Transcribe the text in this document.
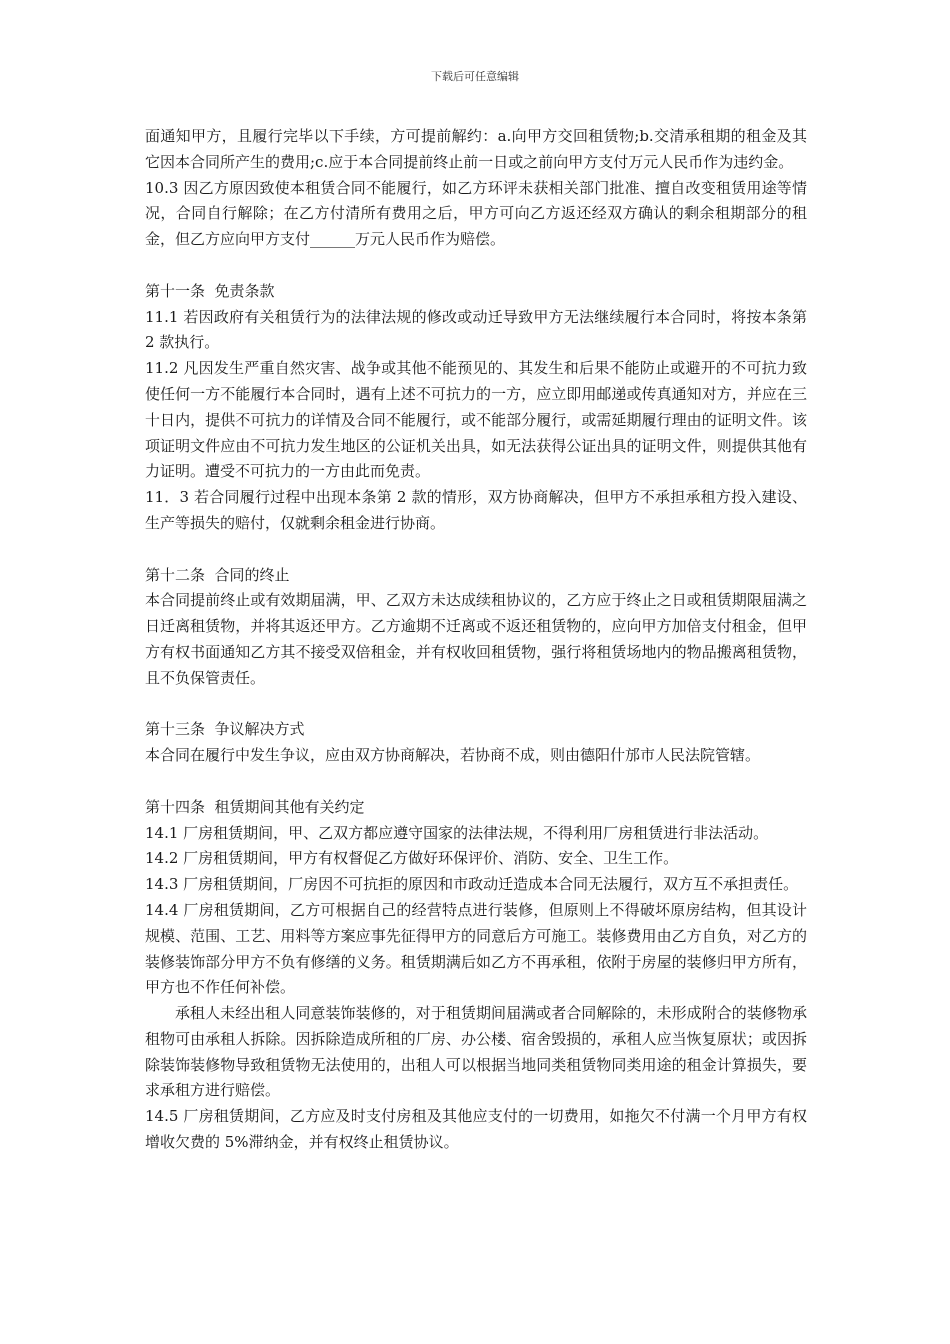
下载后可任意编辑

面通知甲方，且履行完毕以下手续，方可提前解约：a.向甲方交回租赁物;b.交清承租期的租金及其它因本合同所产生的费用;c.应于本合同提前终止前一日或之前向甲方支付万元人民币作为违约金。

10.3 因乙方原因致使本租赁合同不能履行，如乙方环评未获相关部门批准、擅自改变租赁用途等情况，合同自行解除；在乙方付清所有费用之后，甲方可向乙方返还经双方确认的剩余租期部分的租金，但乙方应向甲方支付______万元人民币作为赔偿。

第十一条  免责条款

11.1 若因政府有关租赁行为的法律法规的修改或动迁导致甲方无法继续履行本合同时，将按本条第 2 款执行。

11.2 凡因发生严重自然灾害、战争或其他不能预见的、其发生和后果不能防止或避开的不可抗力致使任何一方不能履行本合同时，遇有上述不可抗力的一方，应立即用邮递或传真通知对方，并应在三十日内，提供不可抗力的详情及合同不能履行，或不能部分履行，或需延期履行理由的证明文件。该项证明文件应由不可抗力发生地区的公证机关出具，如无法获得公证出具的证明文件，则提供其他有力证明。遭受不可抗力的一方由此而免责。

11．3 若合同履行过程中出现本条第 2 款的情形，双方协商解决，但甲方不承担承租方投入建设、生产等损失的赔付，仅就剩余租金进行协商。

第十二条  合同的终止

本合同提前终止或有效期届满，甲、乙双方未达成续租协议的，乙方应于终止之日或租赁期限届满之日迁离租赁物，并将其返还甲方。乙方逾期不迁离或不返还租赁物的，应向甲方加倍支付租金，但甲方有权书面通知乙方其不接受双倍租金，并有权收回租赁物，强行将租赁场地内的物品搬离租赁物，且不负保管责任。

第十三条  争议解决方式

本合同在履行中发生争议，应由双方协商解决，若协商不成，则由德阳什邡市人民法院管辖。

第十四条  租赁期间其他有关约定

14.1 厂房租赁期间，甲、乙双方都应遵守国家的法律法规，不得利用厂房租赁进行非法活动。

14.2 厂房租赁期间，甲方有权督促乙方做好环保评价、消防、安全、卫生工作。

14.3 厂房租赁期间，厂房因不可抗拒的原因和市政动迁造成本合同无法履行，双方互不承担责任。

14.4 厂房租赁期间，乙方可根据自己的经营特点进行装修，但原则上不得破坏原房结构，但其设计规模、范围、工艺、用料等方案应事先征得甲方的同意后方可施工。装修费用由乙方自负，对乙方的装修装饰部分甲方不负有修缮的义务。租赁期满后如乙方不再承租，依附于房屋的装修归甲方所有，甲方也不作任何补偿。

承租人未经出租人同意装饰装修的，对于租赁期间届满或者合同解除的，未形成附合的装修物承租物可由承租人拆除。因拆除造成所租的厂房、办公楼、宿舍毁损的，承租人应当恢复原状；或因拆除装饰装修物导致租赁物无法使用的，出租人可以根据当地同类租赁物同类用途的租金计算损失，要求承租方进行赔偿。

14.5 厂房租赁期间，乙方应及时支付房租及其他应支付的一切费用，如拖欠不付满一个月甲方有权增收欠费的 5%滞纳金，并有权终止租赁协议。
